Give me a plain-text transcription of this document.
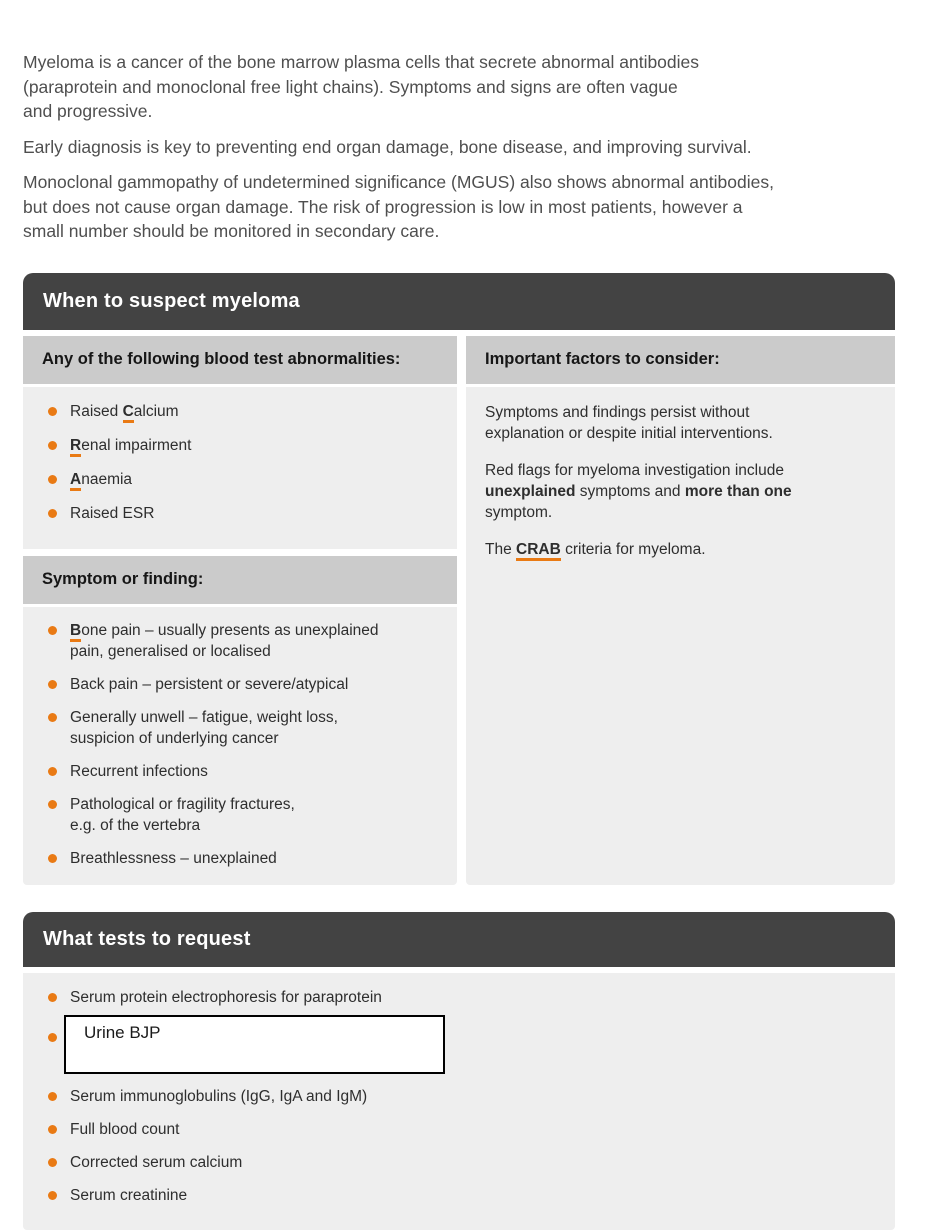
Myeloma is a cancer of the bone marrow plasma cells that secrete abnormal antibodies
(paraprotein and monoclonal free light chains). Symptoms and signs are often vague
and progressive.

Early diagnosis is key to preventing end organ damage, bone disease, and improving survival.

Monoclonal gammopathy of undetermined significance (MGUS) also shows abnormal antibodies,
but does not cause organ damage. The risk of progression is low in most patients, however a
small number should be monitored in secondary care.

When to suspect myeloma
Any of the following blood test abnormalities:
Raised Calcium
Renal impairment
Anaemia
Raised ESR
Symptom or finding:
Bone pain – usually presents as unexplained
pain, generalised or localised
Back pain – persistent or severe/atypical
Generally unwell – fatigue, weight loss,
suspicion of underlying cancer
Recurrent infections
Pathological or fragility fractures,
e.g. of the vertebra
Breathlessness – unexplained
Important factors to consider:

Symptoms and findings persist without
explanation or despite initial interventions.

Red flags for myeloma investigation include
unexplained symptoms and more than one
symptom.

The CRAB criteria for myeloma.

What tests to request
Serum protein electrophoresis for paraprotein
Urine BJP
Serum immunoglobulins (IgG, IgA and IgM)
Full blood count
Corrected serum calcium
Serum creatinine
